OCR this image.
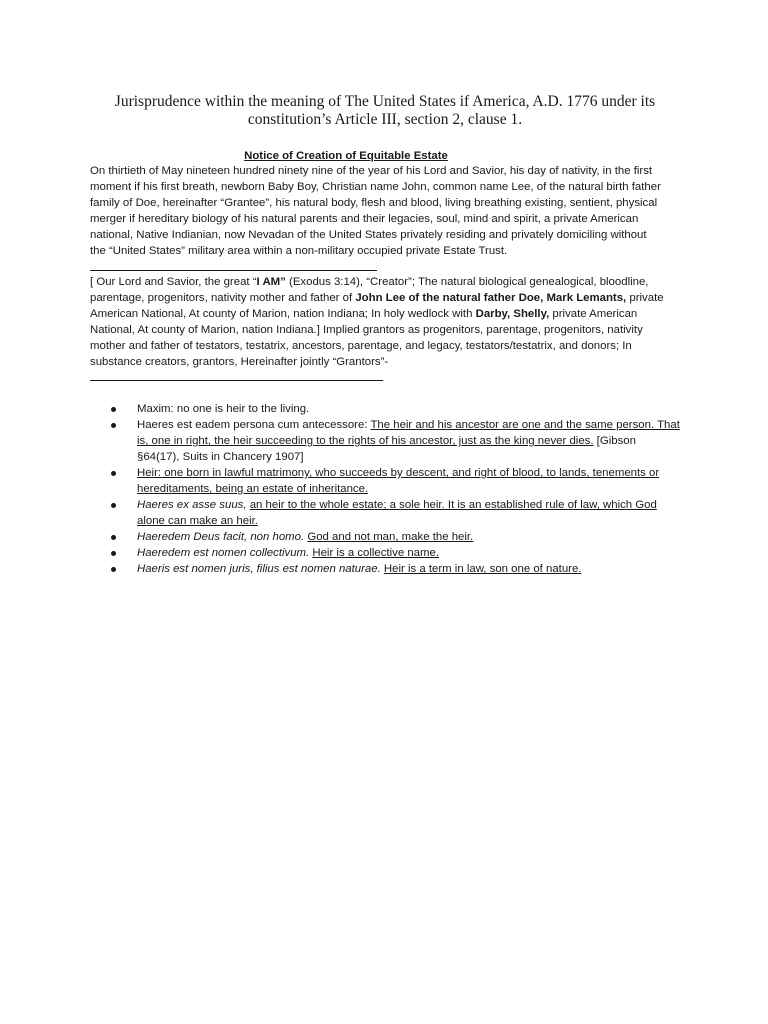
Jurisprudence within the meaning of The United States if America, A.D. 1776 under its
constitution’s Article III, section 2, clause 1.
Notice of Creation of Equitable Estate
On thirtieth of May nineteen hundred ninety nine of the year of his Lord and Savior, his day of nativity, in the first
moment if his first breath, newborn Baby Boy, Christian name John, common name Lee, of the natural birth father
family of Doe, hereinafter “Grantee”, his natural body, flesh and blood, living breathing existing, sentient, physical
merger if hereditary biology of his natural parents and their legacies, soul, mind and spirit, a private American
national, Native Indianian, now Nevadan of the United States privately residing and privately domiciling without
the “United States” military area within a non-military occupied private Estate Trust.
[ Our Lord and Savior, the great “I AM” (Exodus 3:14), “Creator”; The natural biological genealogical, bloodline,
parentage, progenitors, nativity mother and father of John Lee of the natural father Doe, Mark Lemants, private
American National, At county of Marion, nation Indiana; In holy wedlock with Darby, Shelly, private American
National, At county of Marion, nation Indiana.] Implied grantors as progenitors, parentage, progenitors, nativity
mother and father of testators, testatrix, ancestors, parentage, and legacy, testators/testatrix, and donors; In
substance creators, grantors, Hereinafter jointly “Grantors”-
Maxim: no one is heir to the living.
Haeres est eadem persona cum antecessore: The heir and his ancestor are one and the same person. That
is, one in right, the heir succeeding to the rights of his ancestor, just as the king never dies. [Gibson
§64(17), Suits in Chancery 1907]
Heir: one born in lawful matrimony, who succeeds by descent, and right of blood, to lands, tenements or
hereditaments, being an estate of inheritance.
Haeres ex asse suus, an heir to the whole estate; a sole heir. It is an established rule of law, which God
alone can make an heir.
Haeredem Deus facit, non homo. God and not man, make the heir.
Haeredem est nomen collectivum. Heir is a collective name.
Haeris est nomen juris, filius est nomen naturae. Heir is a term in law, son one of nature.
